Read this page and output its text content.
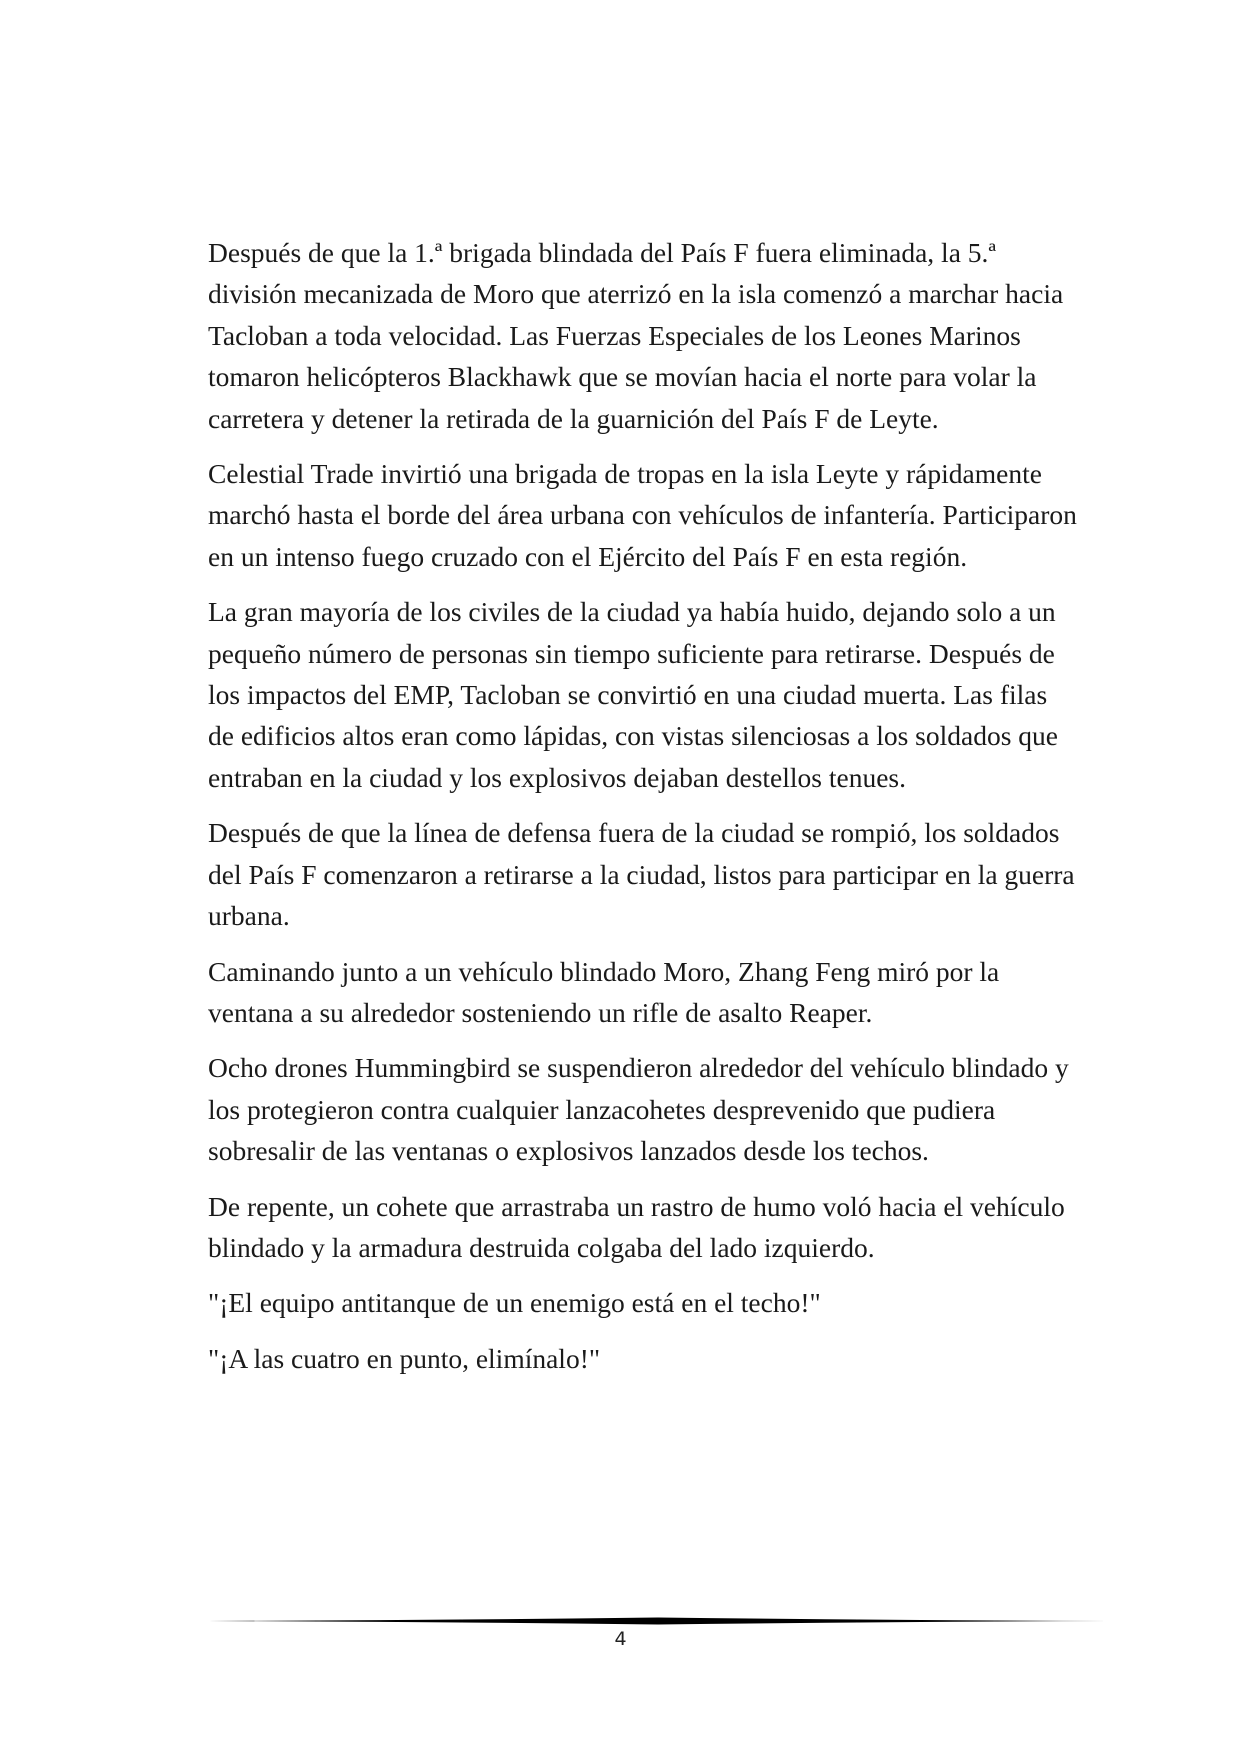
Después de que la 1.ª brigada blindada del País F fuera eliminada, la 5.ª división mecanizada de Moro que aterrizó en la isla comenzó a marchar hacia Tacloban a toda velocidad. Las Fuerzas Especiales de los Leones Marinos tomaron helicópteros Blackhawk que se movían hacia el norte para volar la carretera y detener la retirada de la guarnición del País F de Leyte.

Celestial Trade invirtió una brigada de tropas en la isla Leyte y rápidamente marchó hasta el borde del área urbana con vehículos de infantería. Participaron en un intenso fuego cruzado con el Ejército del País F en esta región.

La gran mayoría de los civiles de la ciudad ya había huido, dejando solo a un pequeño número de personas sin tiempo suficiente para retirarse. Después de los impactos del EMP, Tacloban se convirtió en una ciudad muerta. Las filas de edificios altos eran como lápidas, con vistas silenciosas a los soldados que entraban en la ciudad y los explosivos dejaban destellos tenues.

Después de que la línea de defensa fuera de la ciudad se rompió, los soldados del País F comenzaron a retirarse a la ciudad, listos para participar en la guerra urbana.

Caminando junto a un vehículo blindado Moro, Zhang Feng miró por la ventana a su alrededor sosteniendo un rifle de asalto Reaper.

Ocho drones Hummingbird se suspendieron alrededor del vehículo blindado y los protegieron contra cualquier lanzacohetes desprevenido que pudiera sobresalir de las ventanas o explosivos lanzados desde los techos.

De repente, un cohete que arrastraba un rastro de humo voló hacia el vehículo blindado y la armadura destruida colgaba del lado izquierdo.

"¡El equipo antitanque de un enemigo está en el techo!"

"¡A las cuatro en punto, elimínalo!"

4
